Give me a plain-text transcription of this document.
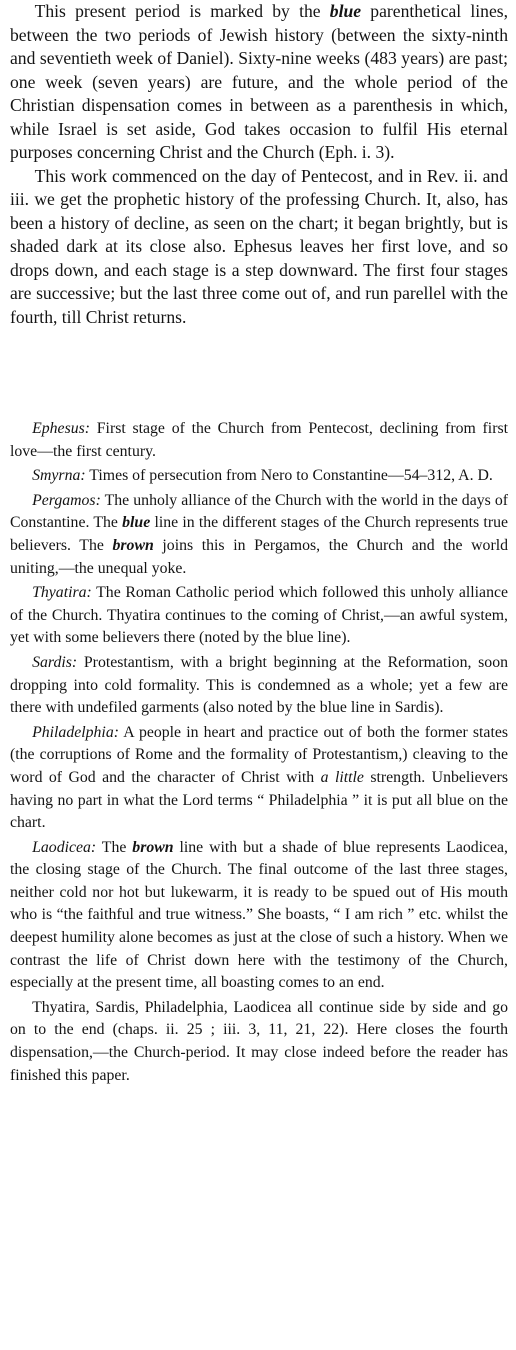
This present period is marked by the blue parenthetical lines, between the two periods of Jewish history (between the sixty-ninth and seventieth week of Daniel). Sixty-nine weeks (483 years) are past; one week (seven years) are future, and the whole period of the Christian dispensation comes in between as a parenthesis in which, while Israel is set aside, God takes occasion to fulfil His eternal purposes concerning Christ and the Church (Eph. i. 3).

This work commenced on the day of Pentecost, and in Rev. ii. and iii. we get the prophetic history of the professing Church. It, also, has been a history of decline, as seen on the chart; it began brightly, but is shaded dark at its close also. Ephesus leaves her first love, and so drops down, and each stage is a step downward. The first four stages are successive; but the last three come out of, and run parellel with the fourth, till Christ returns.

Ephesus: First stage of the Church from Pentecost, declining from first love—the first century.

Smyrna: Times of persecution from Nero to Constantine—54–312, A. D.

Pergamos: The unholy alliance of the Church with the world in the days of Constantine. The blue line in the different stages of the Church represents true believers. The brown joins this in Pergamos, the Church and the world uniting,—the unequal yoke.

Thyatira: The Roman Catholic period which followed this unholy alliance of the Church. Thyatira continues to the coming of Christ,—an awful system, yet with some believers there (noted by the blue line).

Sardis: Protestantism, with a bright beginning at the Reformation, soon dropping into cold formality. This is condemned as a whole; yet a few are there with undefiled garments (also noted by the blue line in Sardis).

Philadelphia: A people in heart and practice out of both the former states (the corruptions of Rome and the formality of Protestantism,) cleaving to the word of God and the character of Christ with a little strength. Unbelievers having no part in what the Lord terms “ Philadelphia ” it is put all blue on the chart.

Laodicea: The brown line with but a shade of blue represents Laodicea, the closing stage of the Church. The final outcome of the last three stages, neither cold nor hot but lukewarm, it is ready to be spued out of His mouth who is “the faithful and true witness.” She boasts, “ I am rich ” etc. whilst the deepest humility alone becomes as just at the close of such a history. When we contrast the life of Christ down here with the testimony of the Church, especially at the present time, all boasting comes to an end.

Thyatira, Sardis, Philadelphia, Laodicea all continue side by side and go on to the end (chaps. ii. 25 ; iii. 3, 11, 21, 22). Here closes the fourth dispensation,—the Church-period. It may close indeed before the reader has finished this paper.
